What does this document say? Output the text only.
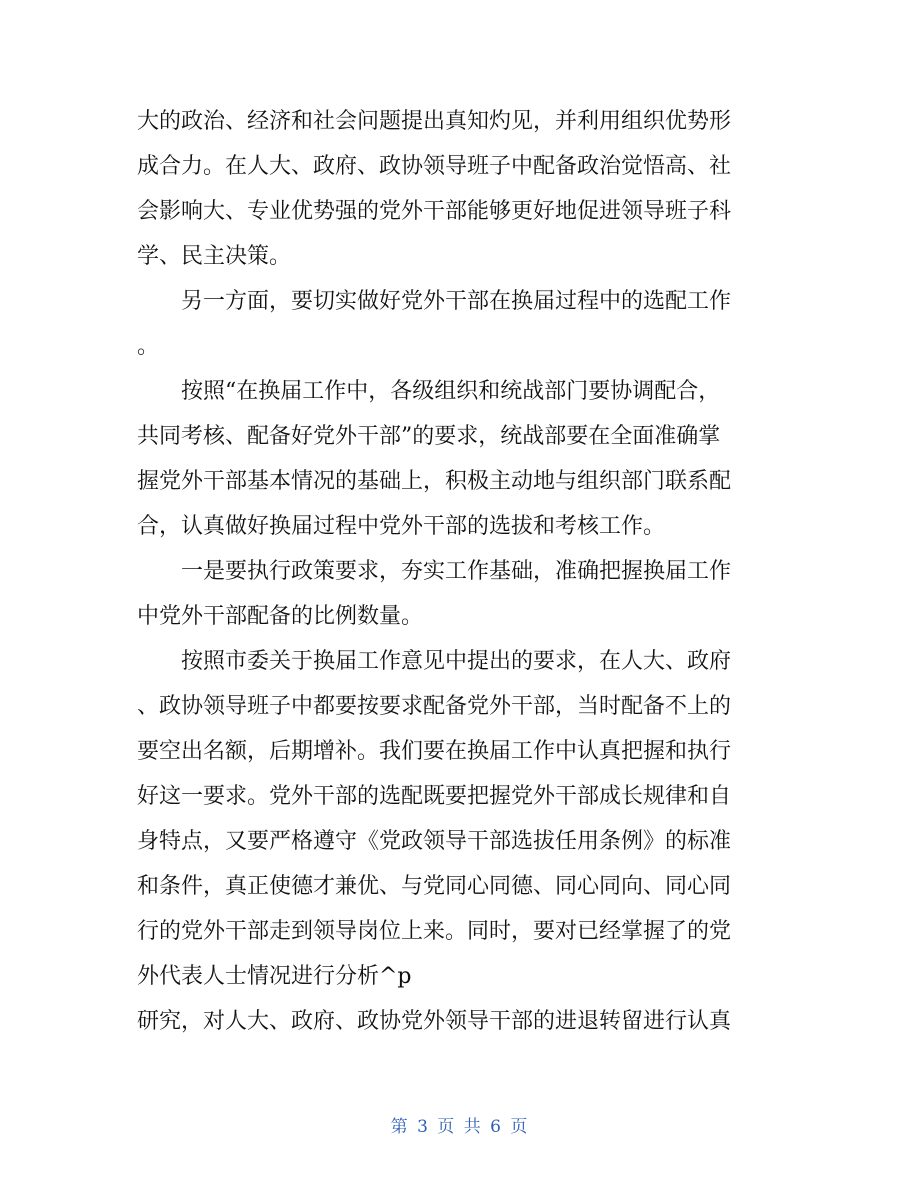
大的政治、经济和社会问题提出真知灼见，并利用组织优势形
成合力。在人大、政府、政协领导班子中配备政治觉悟高、社
会影响大、专业优势强的党外干部能够更好地促进领导班子科
学、民主决策。
另一方面，要切实做好党外干部在换届过程中的选配工作
。
按照“在换届工作中，各级组织和统战部门要协调配合，
共同考核、配备好党外干部”的要求，统战部要在全面准确掌
握党外干部基本情况的基础上，积极主动地与组织部门联系配
合，认真做好换届过程中党外干部的选拔和考核工作。
一是要执行政策要求，夯实工作基础，准确把握换届工作
中党外干部配备的比例数量。
按照市委关于换届工作意见中提出的要求，在人大、政府
、政协领导班子中都要按要求配备党外干部，当时配备不上的
要空出名额，后期增补。我们要在换届工作中认真把握和执行
好这一要求。党外干部的选配既要把握党外干部成长规律和自
身特点，又要严格遵守《党政领导干部选拔任用条例》的标准
和条件，真正使德才兼优、与党同心同德、同心同向、同心同
行的党外干部走到领导岗位上来。同时，要对已经掌握了的党
外代表人士情况进行分析^p
研究，对人大、政府、政协党外领导干部的进退转留进行认真
第 3 页 共 6 页
